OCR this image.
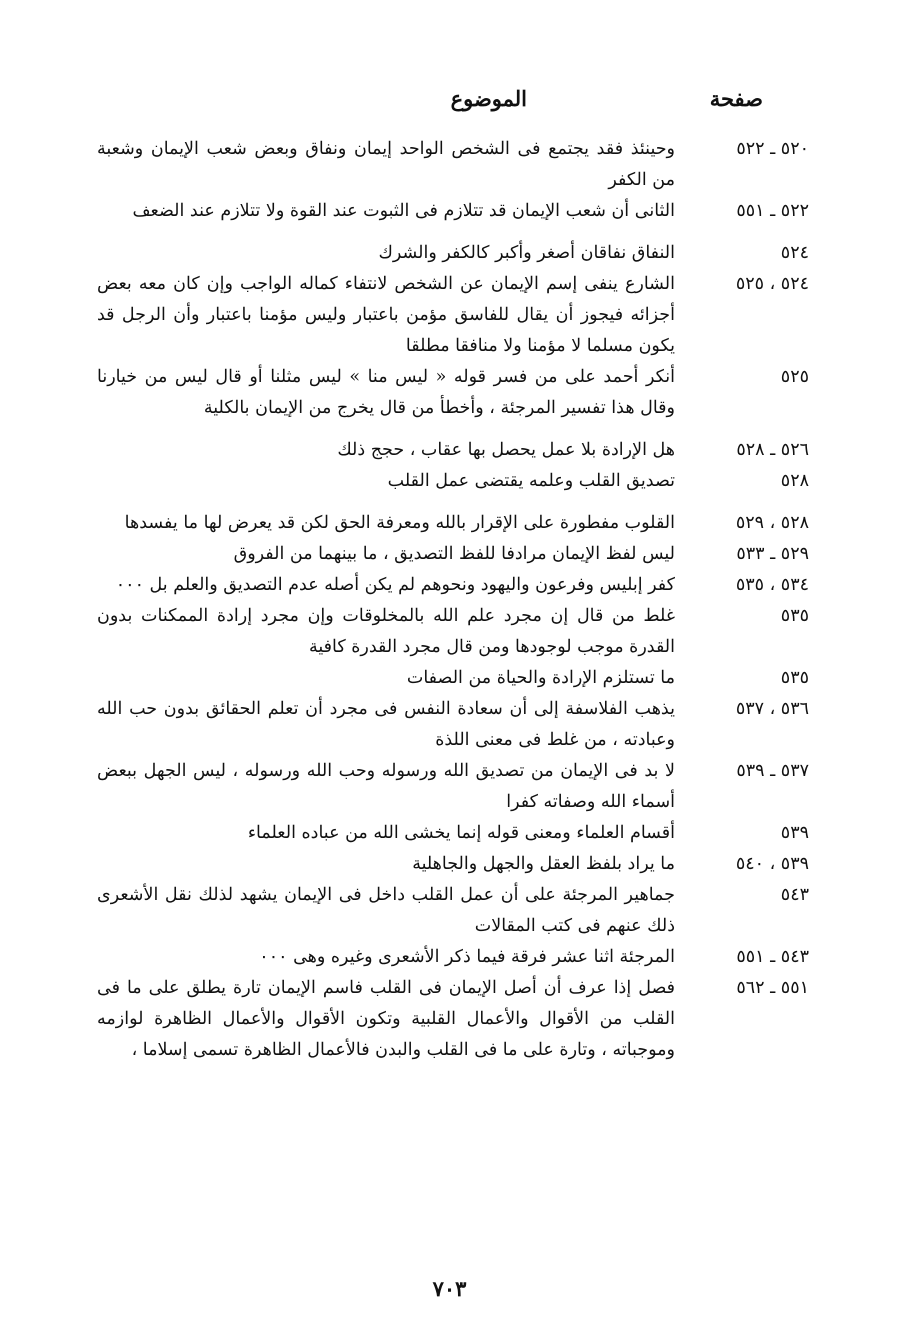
صفحة
الموضوع
٥٢٠ ـ ٥٢٢
وحينئذ فقد يجتمع فى الشخص الواحد إيمان ونفاق وبعض شعب الإيمان وشعبة من الكفر
٥٢٢ ـ ٥٥١
الثانى أن شعب الإيمان قد تتلازم فى الثبوت عند القوة ولا تتلازم عند الضعف
٥٢٤
النفاق نفاقان أصغر وأكبر كالكفر والشرك
٥٢٤ ، ٥٢٥
الشارع ينفى إسم الإيمان عن الشخص لانتفاء كماله الواجب وإن كان معه بعض أجزائه فيجوز أن يقال للفاسق مؤمن باعتبار وليس مؤمنا باعتبار وأن الرجل قد يكون مسلما لا مؤمنا ولا منافقا مطلقا
٥٢٥
أنكر أحمد على من فسر قوله « ليس منا » ليس مثلنا أو قال ليس من خيارنا وقال هذا تفسير المرجئة ، وأخطأ من قال يخرج من الإيمان بالكلية
٥٢٦ ـ ٥٢٨
هل الإرادة بلا عمل يحصل بها عقاب ، حجج ذلك
٥٢٨
تصديق القلب وعلمه يقتضى عمل القلب
٥٢٨ ، ٥٢٩
القلوب مفطورة على الإقرار بالله ومعرفة الحق لكن قد يعرض لها ما يفسدها
٥٢٩ ـ ٥٣٣
ليس لفظ الإيمان مرادفا للفظ التصديق ، ما بينهما من الفروق
٥٣٤ ، ٥٣٥
كفر إبليس وفرعون واليهود ونحوهم لم يكن أصله عدم التصديق والعلم بل ٠٠٠
٥٣٥
غلط من قال إن مجرد علم الله بالمخلوقات وإن مجرد إرادة الممكنات بدون القدرة موجب لوجودها ومن قال مجرد القدرة كافية
٥٣٥
ما تستلزم الإرادة والحياة من الصفات
٥٣٦ ، ٥٣٧
يذهب الفلاسفة إلى أن سعادة النفس فى مجرد أن تعلم الحقائق بدون حب الله وعبادته ، من غلط فى معنى اللذة
٥٣٧ ـ ٥٣٩
لا بد فى الإيمان من تصديق الله ورسوله وحب الله ورسوله ، ليس الجهل ببعض أسماء الله وصفاته كفرا
٥٣٩
أقسام العلماء ومعنى قوله إنما يخشى الله من عباده العلماء
٥٣٩ ، ٥٤٠
ما يراد بلفظ العقل والجهل والجاهلية
٥٤٣
جماهير المرجئة على أن عمل القلب داخل فى الإيمان يشهد لذلك نقل الأشعرى ذلك عنهم فى كتب المقالات
٥٤٣ ـ ٥٥١
المرجئة اثنا عشر فرقة فيما ذكر الأشعرى وغيره وهى ٠٠٠
٥٥١ ـ ٥٦٢
فصل إذا عرف أن أصل الإيمان فى القلب فاسم الإيمان تارة يطلق على ما فى القلب من الأقوال والأعمال القلبية وتكون الأقوال والأعمال الظاهرة لوازمه وموجباته ، وتارة على ما فى القلب والبدن فالأعمال الظاهرة تسمى إسلاما ،
٧٠٣
